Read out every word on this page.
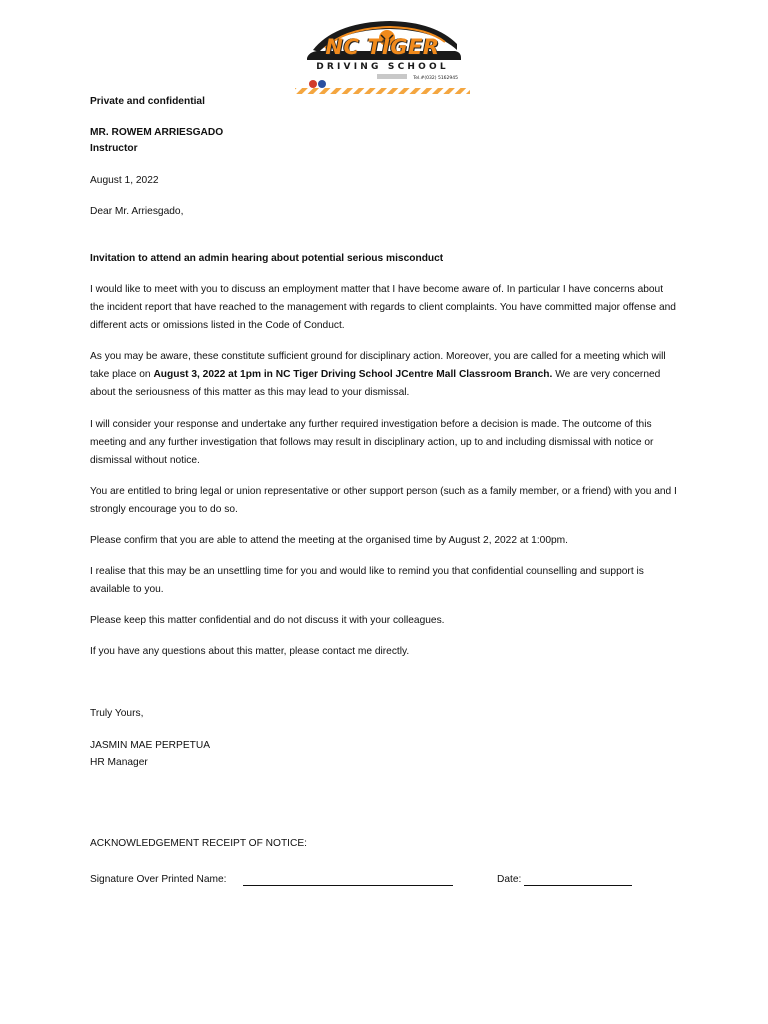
NC TIGER
DRIVING SCHOOL
Tel.#(032) 5162945

Private and confidential

MR. ROWEM ARRIESGADO

Instructor

August 1, 2022

Dear Mr. Arriesgado,

Invitation to attend an admin hearing about potential serious misconduct

I would like to meet with you to discuss an employment matter that I have become aware of. In particular I have concerns about the incident report that have reached to the management with regards to client complaints. You have committed major offense and different acts or omissions listed in the Code of Conduct.

As you may be aware, these constitute sufficient ground for disciplinary action. Moreover, you are called for a meeting which will take place on August 3, 2022 at 1pm in NC Tiger Driving School JCentre Mall Classroom Branch. We are very concerned about the seriousness of this matter as this may lead to your dismissal.

I will consider your response and undertake any further required investigation before a decision is made. The outcome of this meeting and any further investigation that follows may result in disciplinary action, up to and including dismissal with notice or dismissal without notice.

You are entitled to bring legal or union representative or other support person (such as a family member, or a friend) with you and I strongly encourage you to do so.

Please confirm that you are able to attend the meeting at the organised time by August 2, 2022 at 1:00pm.

I realise that this may be an unsettling time for you and would like to remind you that confidential counselling and support is available to you.

Please keep this matter confidential and do not discuss it with your colleagues.

If you have any questions about this matter, please contact me directly.

Truly Yours,

JASMIN MAE PERPETUA

HR Manager

ACKNOWLEDGEMENT RECEIPT OF NOTICE:

Signature Over Printed Name:	Date:
